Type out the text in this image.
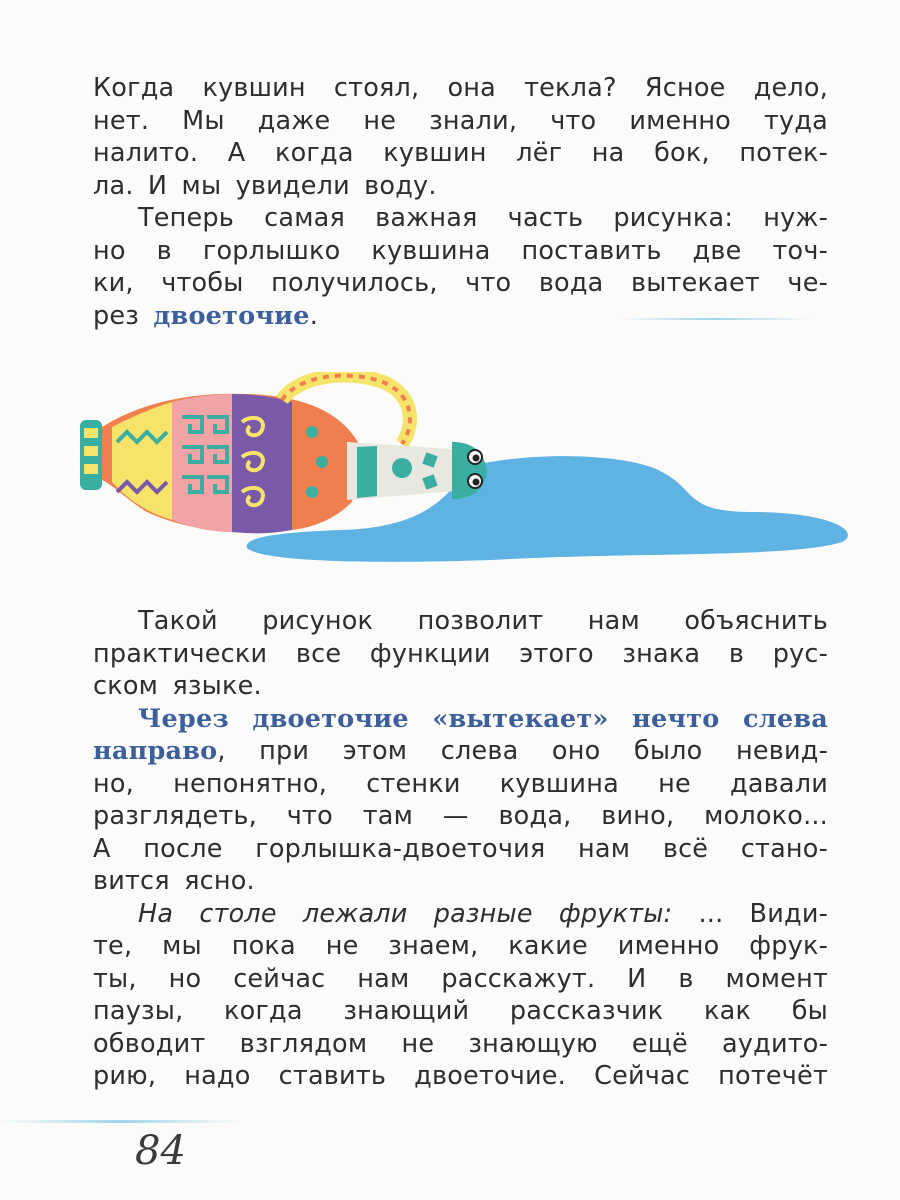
Когда кувшин стоял, она текла? Ясное дело,
нет. Мы даже не знали, что именно туда
налито. А когда кувшин лёг на бок, потек-
ла. И мы увидели воду.
Теперь самая важная часть рисунка: нуж-
но в горлышко кувшина поставить две точ-
ки, чтобы получилось, что вода вытекает че-
рез двоеточие.
Такой рисунок позволит нам объяснить
практически все функции этого знака в рус-
ском языке.
Через двоеточие «вытекает» нечто слева
направо, при этом слева оно было невид-
но, непонятно, стенки кувшина не давали
разглядеть, что там — вода, вино, молоко...
А после горлышка-двоеточия нам всё стано-
вится ясно.
На столе лежали разные фрукты: ... Види-
те, мы пока не знаем, какие именно фрук-
ты, но сейчас нам расскажут. И в момент
паузы, когда знающий рассказчик как бы
обводит взглядом не знающую ещё аудито-
рию, надо ставить двоеточие. Сейчас потечёт
84
